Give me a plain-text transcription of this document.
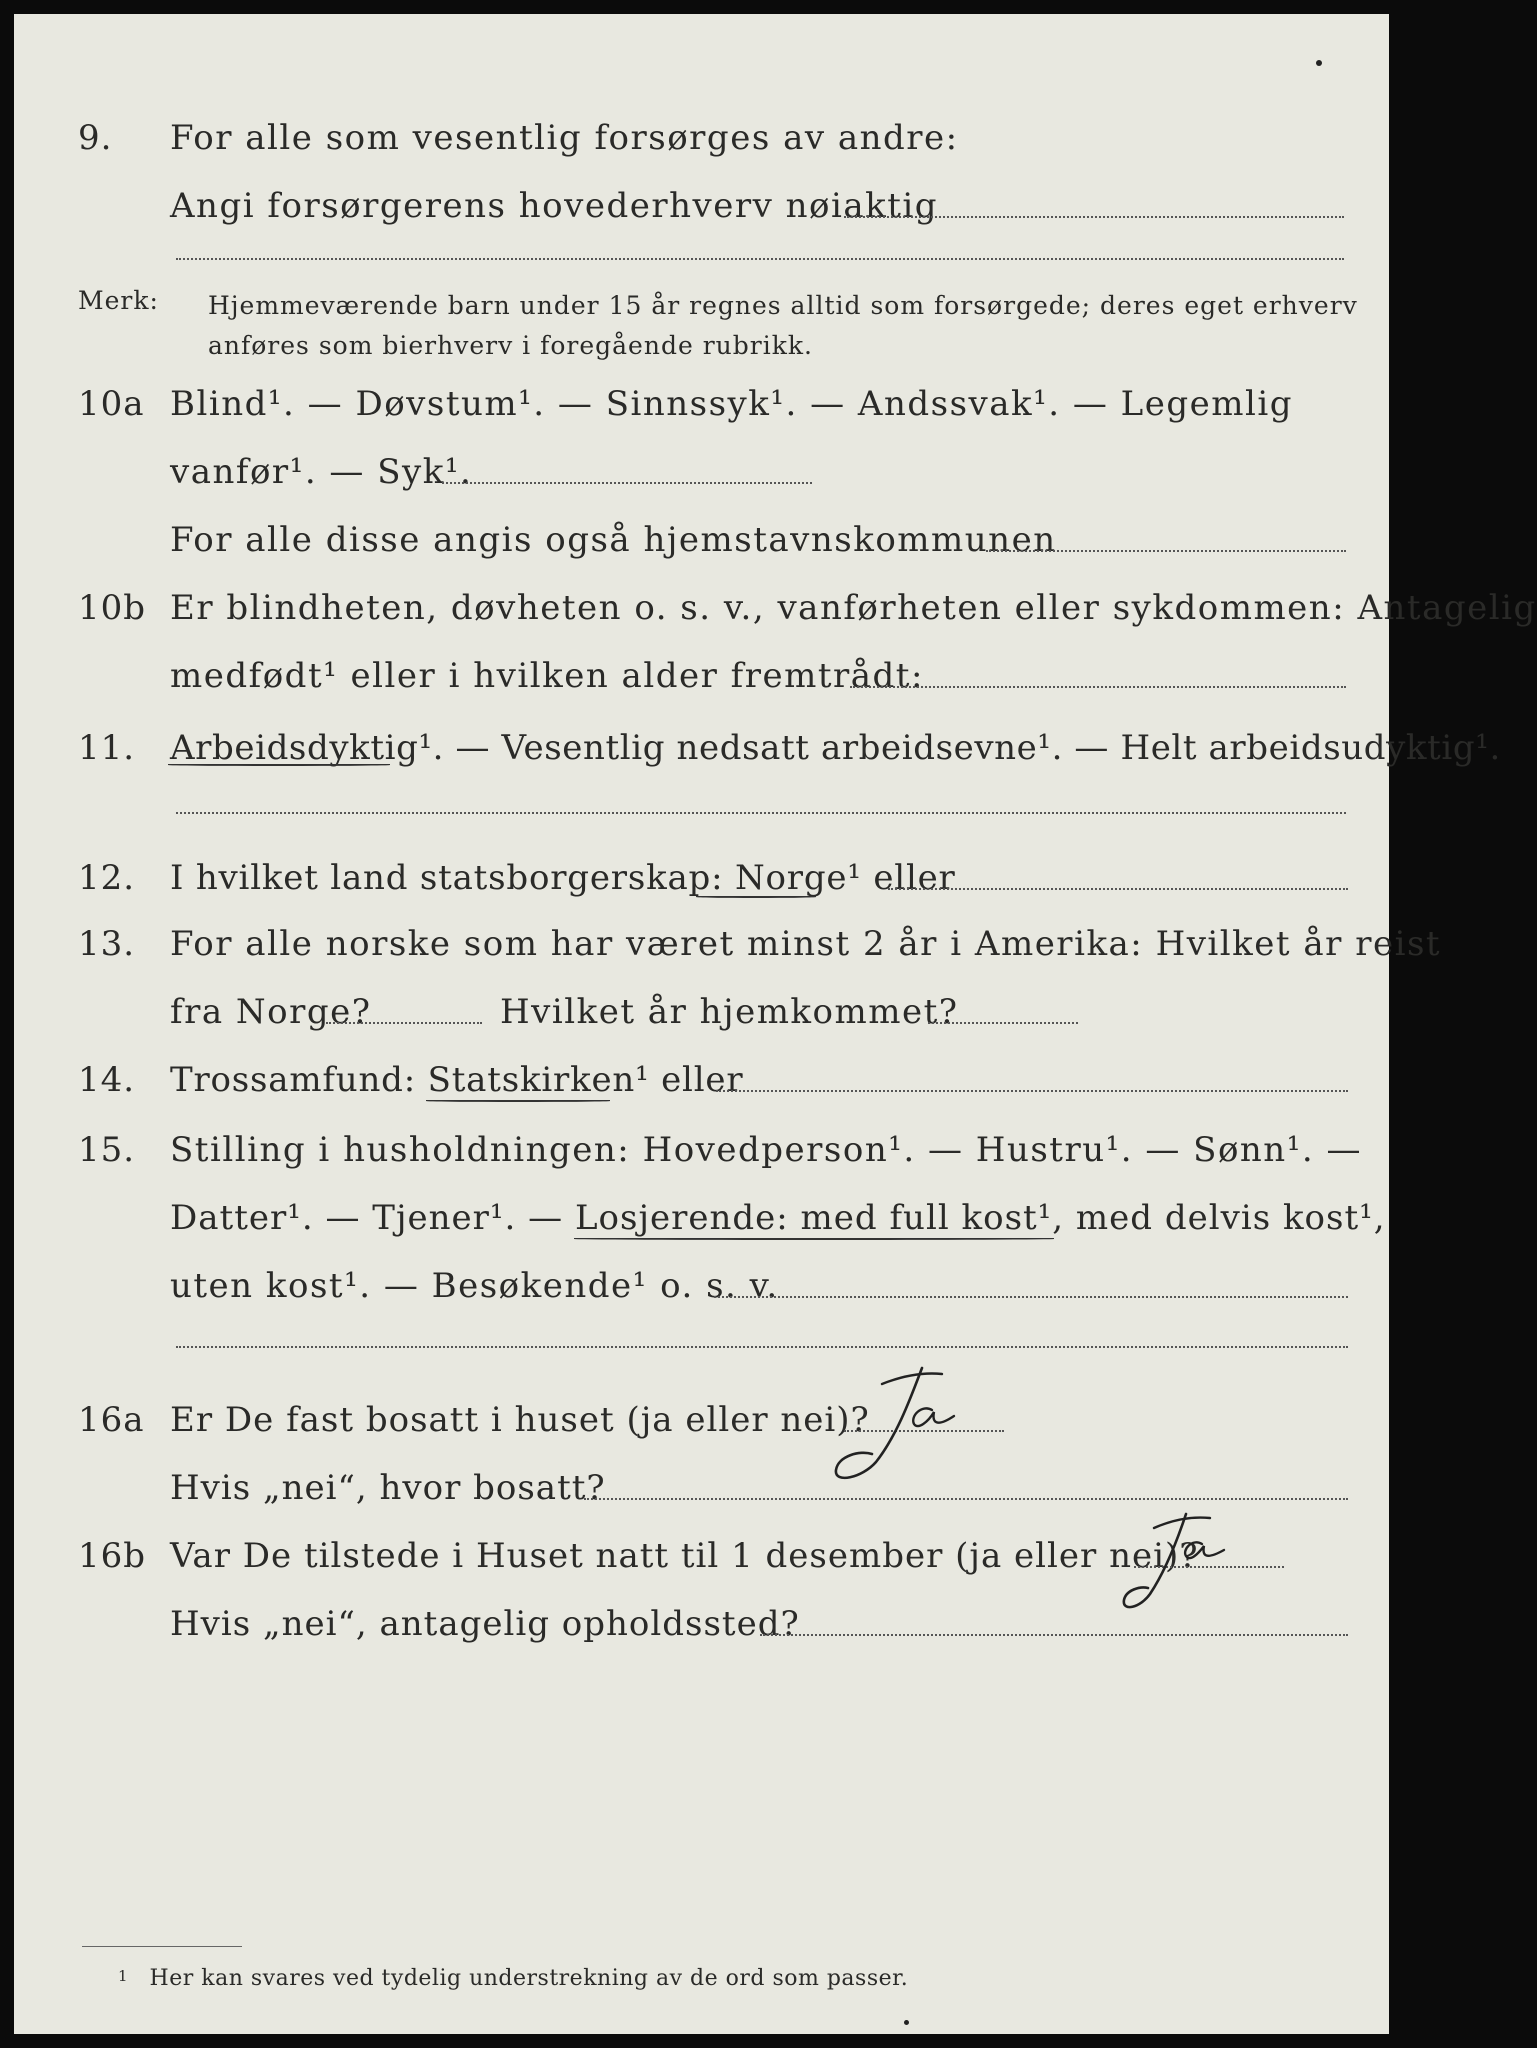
9. For alle som vesentlig forsørges av andre:
Angi forsørgerens hovederhverv nøiaktig
Merk: Hjemmeværende barn under 15 år regnes alltid som forsørgede; deres eget erhverv
anføres som bierhverv i foregående rubrikk.
10a Blind¹. — Døvstum¹. — Sinnssyk¹. — Andssvak¹. — Legemlig
vanfør¹. — Syk¹.
For alle disse angis også hjemstavnskommunen
10b Er blindheten, døvheten o. s. v., vanførheten eller sykdommen: Antagelig
medfødt¹ eller i hvilken alder fremtrådt:
11. Arbeidsdyktig¹. — Vesentlig nedsatt arbeidsevne¹. — Helt arbeidsudyktig¹.
12. I hvilket land statsborgerskap: Norge¹ eller
13. For alle norske som har været minst 2 år i Amerika: Hvilket år reist
fra Norge?	Hvilket år hjemkommet?
14. Trossamfund: Statskirken¹ eller
15. Stilling i husholdningen: Hovedperson¹. — Hustru¹. — Sønn¹. —
Datter¹. — Tjener¹. — Losjerende: med full kost¹, med delvis kost¹,
uten kost¹. — Besøkende¹ o. s. v.
16a Er De fast bosatt i huset (ja eller nei)?
Hvis „nei“, hvor bosatt?
16b Var De tilstede i Huset natt til 1 desember (ja eller nei)?
Hvis „nei“, antagelig opholdssted?
1 Her kan svares ved tydelig understrekning av de ord som passer.
